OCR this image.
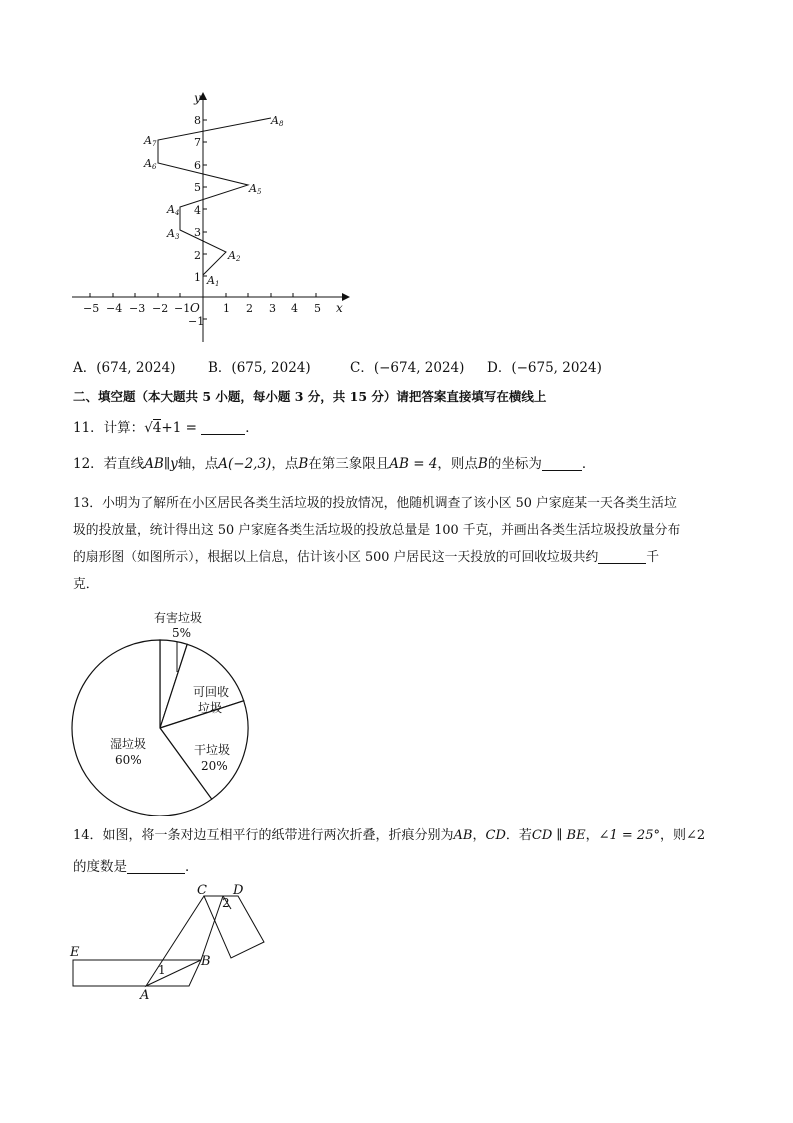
x
y
O
−5 −4 −3 −2 −1	1 2 3 4 5
8
7
6
5
4
3
2
1
−1
A1
A2
A3
A4
A5
A6
A7
A8
A．(674, 2024) B．(675, 2024)	C．(−674, 2024) D．(−675, 2024)
二、填空题（本大题共 5 小题，每小题 3 分，共 15 分）请把答案直接填写在横线上
11．计算：√4+1 =	．
12．若直线AB∥y轴，点A(−2,3)，点B在第三象限且AB = 4，则点B的坐标为	．
13．小明为了解所在小区居民各类生活垃圾的投放情况，他随机调查了该小区 50 户家庭某一天各类生活垃
圾的投放量，统计得出这 50 户家庭各类生活垃圾的投放总量是 100 千克，并画出各类生活垃圾投放量分布
的扇形图（如图所示），根据以上信息，估计该小区 500 户居民这一天投放的可回收垃圾共约	千
克．
有害垃圾
5%
可回收
垃圾
干垃圾
20%
湿垃圾
60%
14．如图，将一条对边互相平行的纸带进行两次折叠，折痕分别为AB，CD．若CD ∥ BE，∠1 = 25°，则∠2
的度数是	．
C D
E
B
A
1
2
